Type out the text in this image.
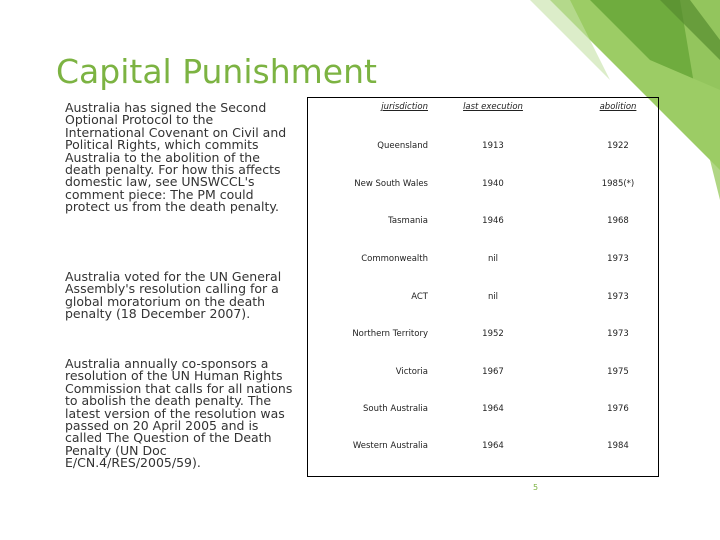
Capital Punishment
Australia has signed the Second Optional Protocol to the International Covenant on Civil and Political Rights, which commits Australia to the abolition of the death penalty. For how this affects domestic law, see UNSWCCL's comment piece: The PM could protect us from the death penalty.
Australia voted for the UN General Assembly's resolution calling for a global moratorium on the death penalty (18 December 2007).
Australia annually co-sponsors a resolution of the UN Human Rights Commission that calls for all nations to abolish the death penalty. The latest version of the resolution was passed on 20 April 2005 and is called The Question of the Death Penalty (UN Doc E/CN.4/RES/2005/59).
jurisdiction	last execution	abolition
Queensland	1913	1922
New South Wales	1940	1985(*)
Tasmania	1946	1968
Commonwealth	nil	1973
ACT	nil	1973
Northern Territory	1952	1973
Victoria	1967	1975
South Australia	1964	1976
Western Australia	1964	1984
5
